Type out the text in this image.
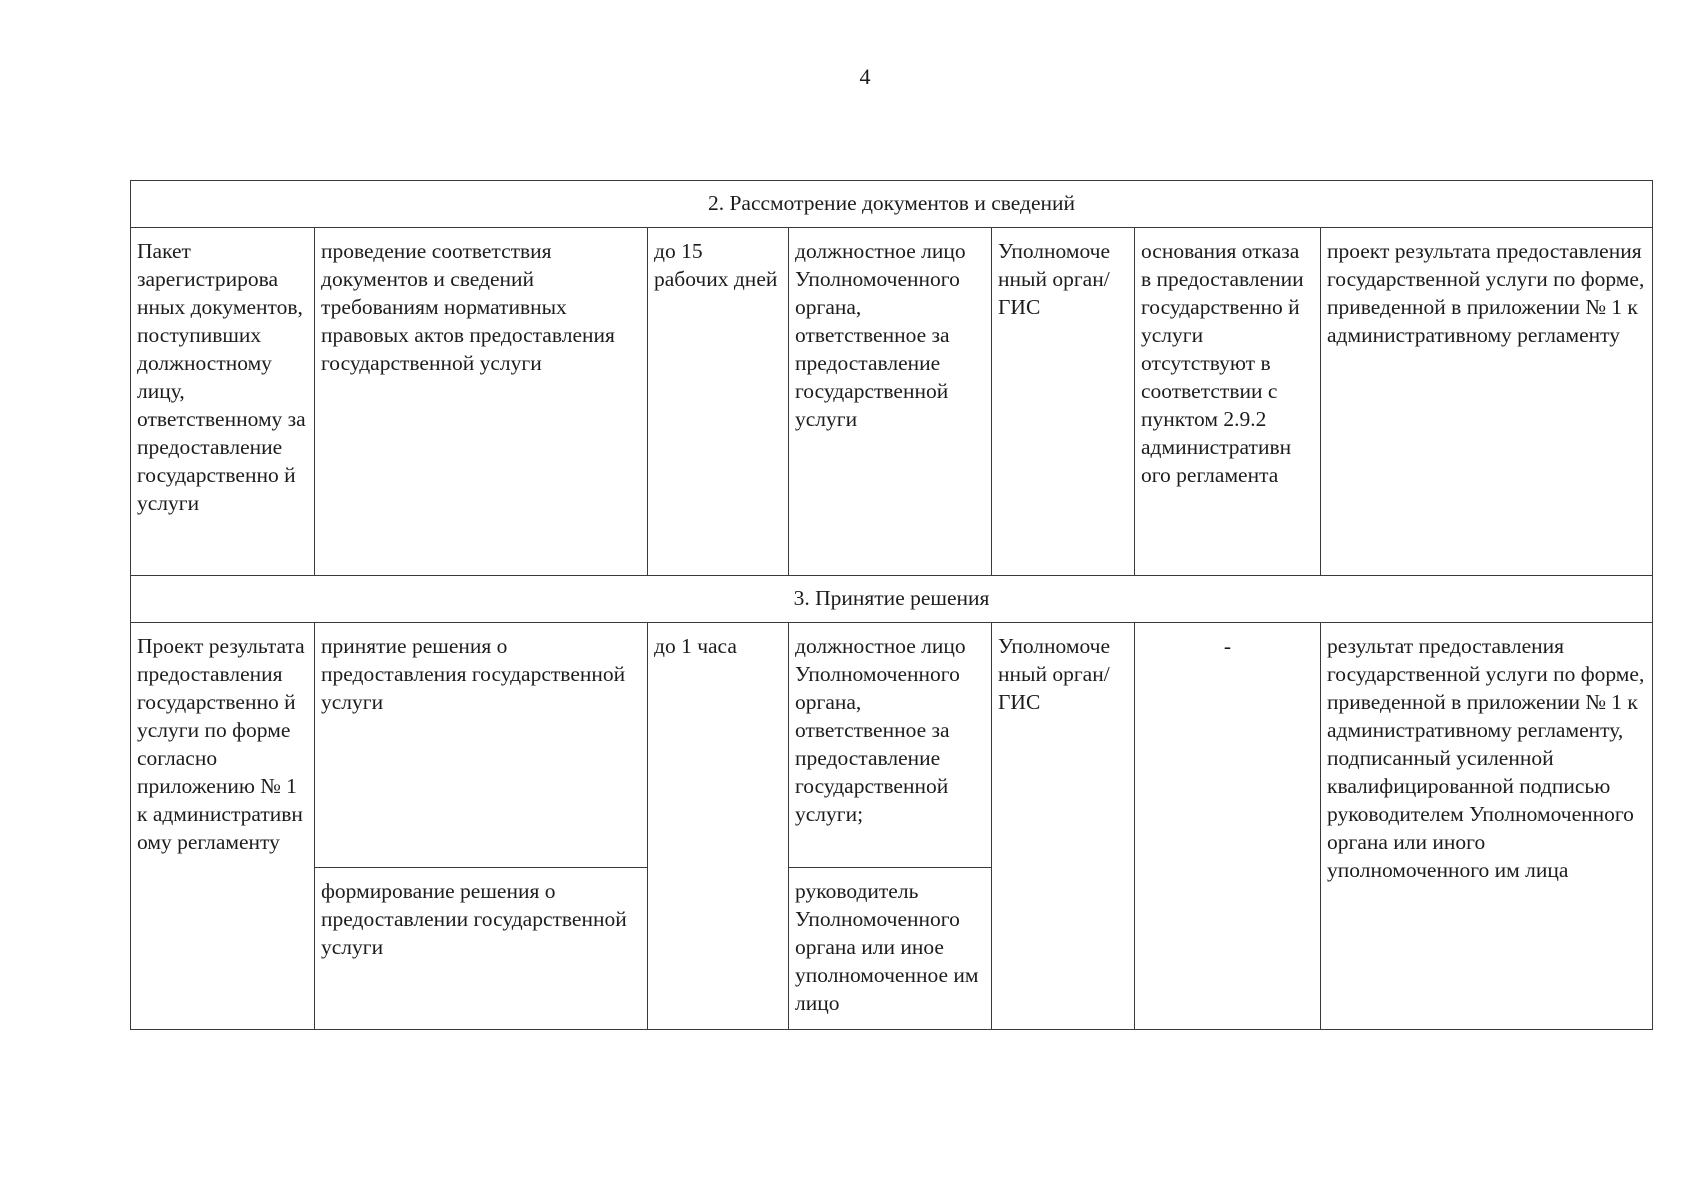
4
2. Рассмотрение документов и сведений						
Пакет зарегистрирова нных документов, поступивших должностному лицу, ответственному за предоставление государственно й услуги	проведение соответствия документов и сведений требованиям нормативных правовых актов предоставления государственной услуги	до 15 рабочих дней	должностное лицо Уполномоченного органа, ответственное за предоставление государственной услуги	Уполномоче нный орган/ГИС	основания отказа в предоставлении государственно й услуги отсутствуют в соответствии с пунктом 2.9.2 административн ого регламента	проект результата предоставления государственной услуги по форме, приведенной в приложении № 1 к административному регламенту
3. Принятие решения						
Проект результата предоставления государственно й услуги по форме согласно приложению № 1 к административн ому регламенту	принятие решения о предоставления государственной услуги	до 1 часа	должностное лицо Уполномоченного органа, ответственное за предоставление государственной услуги;	Уполномоче нный орган/ГИС	-	результат предоставления государственной услуги по форме, приведенной в приложении № 1 к административному регламенту, подписанный усиленной квалифицированной подписью руководителем Уполномоченного органа или иного уполномоченного им лица
	формирование решения о предоставлении государственной услуги		руководитель Уполномоченного органа или иное уполномоченное им лицо			
